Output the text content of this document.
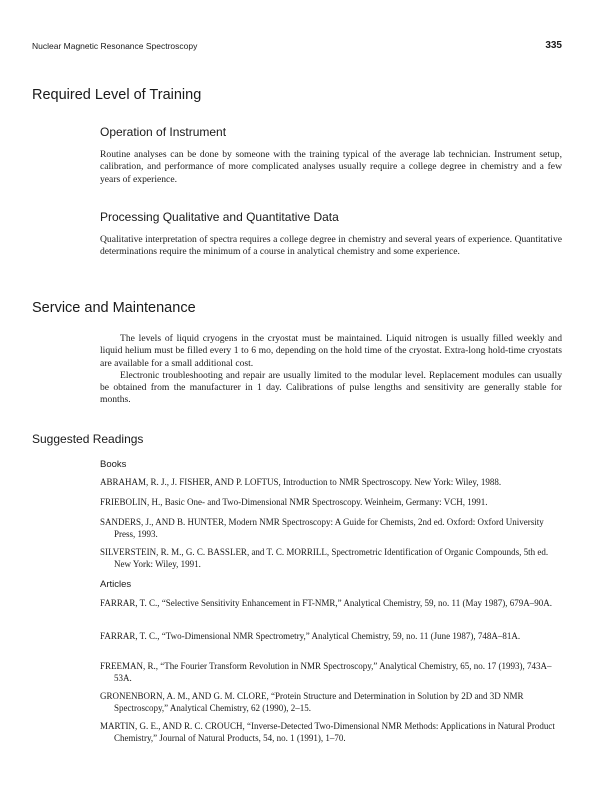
Nuclear Magnetic Resonance Spectroscopy	335
Required Level of Training
Operation of Instrument

Routine analyses can be done by someone with the training typical of the average lab technician. Instrument setup, calibration, and performance of more complicated analyses usually require a college degree in chemistry and a few years of experience.

Processing Qualitative and Quantitative Data

Qualitative interpretation of spectra requires a college degree in chemistry and several years of experience. Quantitative determinations require the minimum of a course in analytical chemistry and some experience.

Service and Maintenance
The levels of liquid cryogens in the cryostat must be maintained. Liquid nitrogen is usually filled weekly and liquid helium must be filled every 1 to 6 mo, depending on the hold time of the cryostat. Extra-long hold-time cryostats are available for a small additional cost.
Electronic troubleshooting and repair are usually limited to the modular level. Replacement modules can usually be obtained from the manufacturer in 1 day. Calibrations of pulse lengths and sensitivity are generally stable for months.
Suggested Readings
Books

ABRAHAM, R. J., J. FISHER, AND P. LOFTUS, Introduction to NMR Spectroscopy. New York: Wiley, 1988.

FRIEBOLIN, H., Basic One- and Two-Dimensional NMR Spectroscopy. Weinheim, Germany: VCH, 1991.

SANDERS, J., AND B. HUNTER, Modern NMR Spectroscopy: A Guide for Chemists, 2nd ed. Oxford: Oxford University Press, 1993.

SILVERSTEIN, R. M., G. C. BASSLER, and T. C. MORRILL, Spectrometric Identification of Organic Compounds, 5th ed. New York: Wiley, 1991.

Articles

FARRAR, T. C., “Selective Sensitivity Enhancement in FT-NMR,” Analytical Chemistry, 59, no. 11 (May 1987), 679A–90A.

FARRAR, T. C., “Two-Dimensional NMR Spectrometry,” Analytical Chemistry, 59, no. 11 (June 1987), 748A–81A.

FREEMAN, R., “The Fourier Transform Revolution in NMR Spectroscopy,” Analytical Chemistry, 65, no. 17 (1993), 743A–53A.

GRONENBORN, A. M., AND G. M. CLORE, “Protein Structure and Determination in Solution by 2D and 3D NMR Spectroscopy,” Analytical Chemistry, 62 (1990), 2–15.

MARTIN, G. E., AND R. C. CROUCH, “Inverse-Detected Two-Dimensional NMR Methods: Applications in Natural Product Chemistry,” Journal of Natural Products, 54, no. 1 (1991), 1–70.
